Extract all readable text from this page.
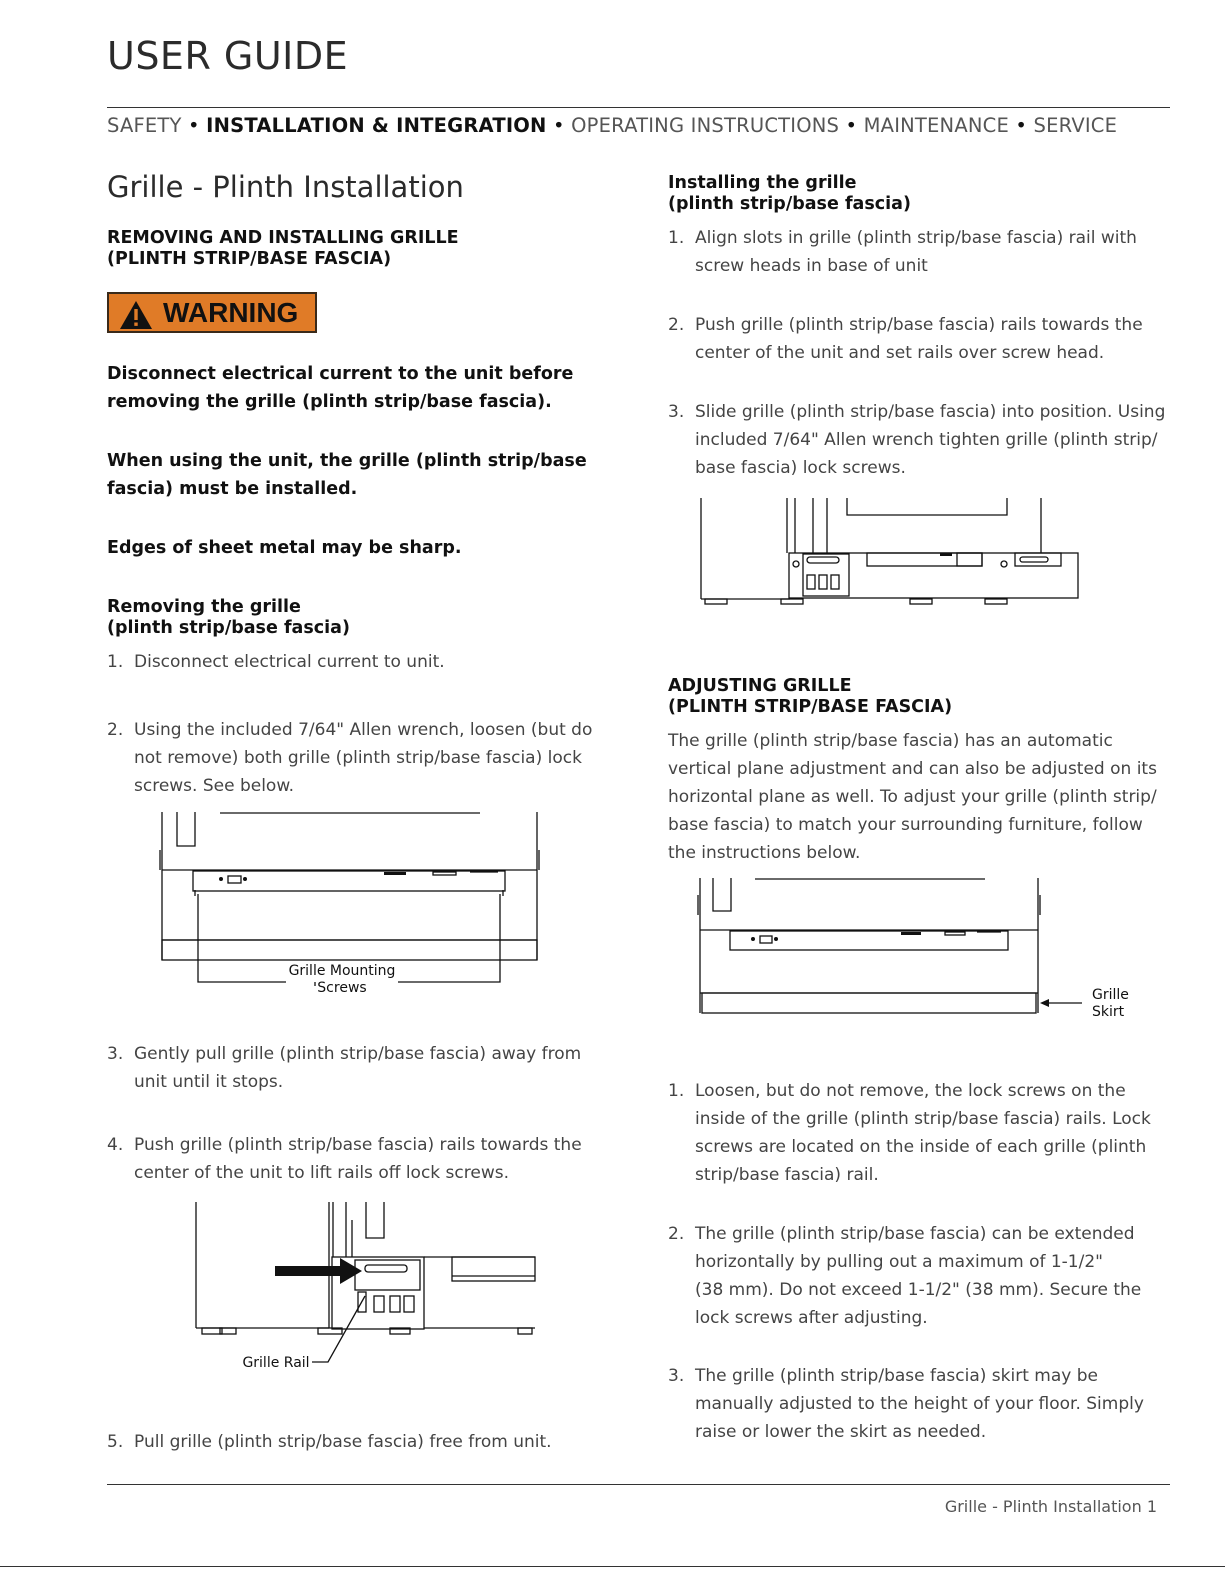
USER GUIDE
SAFETY • INSTALLATION & INTEGRATION • OPERATING INSTRUCTIONS • MAINTENANCE • SERVICE
Grille - Plinth Installation
REMOVING AND INSTALLING GRILLE
(PLINTH STRIP/BASE FASCIA)
WARNING
Disconnect electrical current to the unit before
removing the grille (plinth strip/base fascia).
When using the unit, the grille (plinth strip/base
fascia) must be installed.
Edges of sheet metal may be sharp.
Removing the grille
(plinth strip/base fascia)
1. Disconnect electrical current to unit.
2. Using the included 7/64" Allen wrench, loosen (but do
not remove) both grille (plinth strip/base fascia) lock
screws. See below.
Grille Mounting
Screws
3. Gently pull grille (plinth strip/base fascia) away from
unit until it stops.
4. Push grille (plinth strip/base fascia) rails towards the
center of the unit to lift rails off lock screws.
Grille Rail
5. Pull grille (plinth strip/base fascia) free from unit.
Installing the grille
(plinth strip/base fascia)
1. Align slots in grille (plinth strip/base fascia) rail with
screw heads in base of unit
2. Push grille (plinth strip/base fascia) rails towards the
center of the unit and set rails over screw head.
3. Slide grille (plinth strip/base fascia) into position. Using
included 7/64" Allen wrench tighten grille (plinth strip/
base fascia) lock screws.
ADJUSTING GRILLE
(PLINTH STRIP/BASE FASCIA)
The grille (plinth strip/base fascia) has an automatic
vertical plane adjustment and can also be adjusted on its
horizontal plane as well. To adjust your grille (plinth strip/
base fascia) to match your surrounding furniture, follow
the instructions below.
Grille
Skirt
1. Loosen, but do not remove, the lock screws on the
inside of the grille (plinth strip/base fascia) rails. Lock
screws are located on the inside of each grille (plinth
strip/base fascia) rail.
2. The grille (plinth strip/base fascia) can be extended
horizontally by pulling out a maximum of 1-1/2"
(38 mm). Do not exceed 1-1/2" (38 mm). Secure the
lock screws after adjusting.
3. The grille (plinth strip/base fascia) skirt may be
manually adjusted to the height of your floor. Simply
raise or lower the skirt as needed.
Grille - Plinth Installation 1
